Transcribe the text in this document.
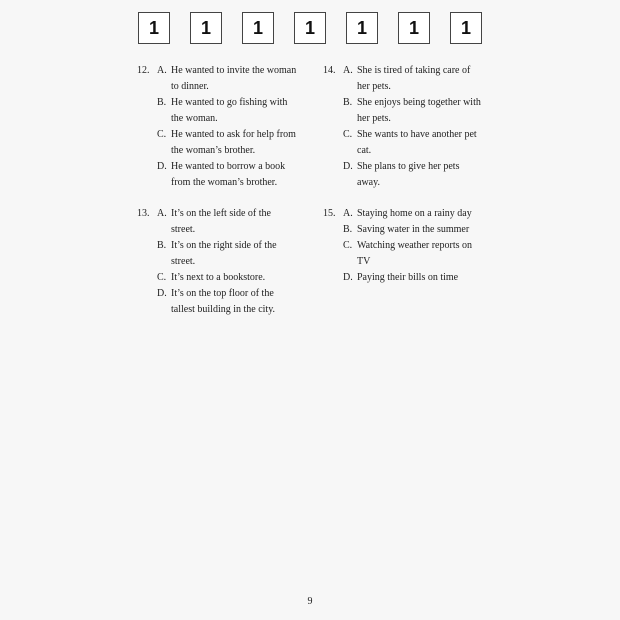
1	1	1	1	1	1	1
12. A. He wanted to invite the woman
to dinner.
B. He wanted to go fishing with
the woman.
C. He wanted to ask for help from
the woman’s brother.
D. He wanted to borrow a book
from the woman’s brother.
13. A. It’s on the left side of the
street.
B. It’s on the right side of the
street.
C. It’s next to a bookstore.
D. It’s on the top floor of the
tallest building in the city.
14. A. She is tired of taking care of
her pets.
B. She enjoys being together with
her pets.
C. She wants to have another pet
cat.
D. She plans to give her pets
away.
15. A. Staying home on a rainy day
B. Saving water in the summer
C. Watching weather reports on
TV
D. Paying their bills on time
9
